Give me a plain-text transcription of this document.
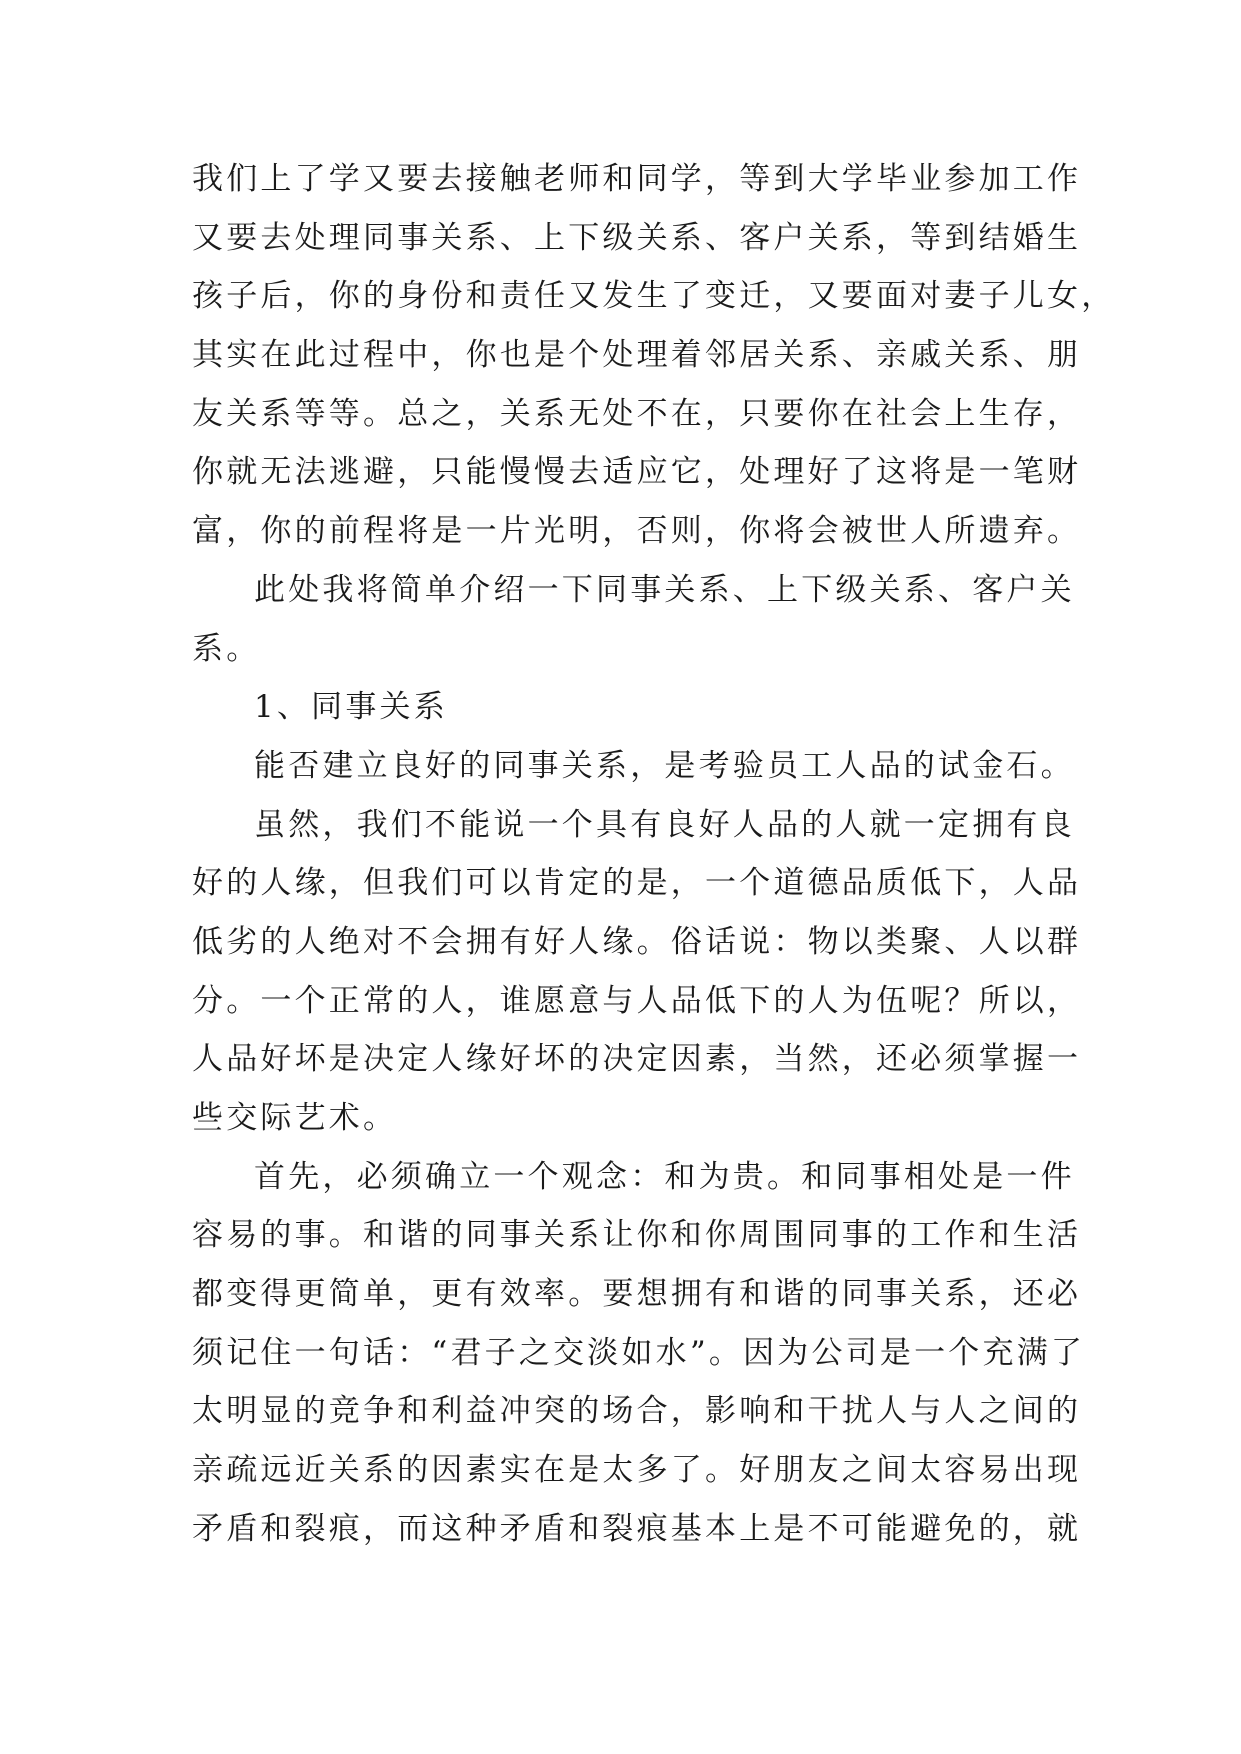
我们上了学又要去接触老师和同学，等到大学毕业参加工作
又要去处理同事关系、上下级关系、客户关系，等到结婚生
孩子后，你的身份和责任又发生了变迁，又要面对妻子儿女，
其实在此过程中，你也是个处理着邻居关系、亲戚关系、朋
友关系等等。总之，关系无处不在，只要你在社会上生存，
你就无法逃避，只能慢慢去适应它，处理好了这将是一笔财
富，你的前程将是一片光明，否则，你将会被世人所遗弃。
此处我将简单介绍一下同事关系、上下级关系、客户关
系。
1、同事关系
能否建立良好的同事关系，是考验员工人品的试金石。
虽然，我们不能说一个具有良好人品的人就一定拥有良
好的人缘，但我们可以肯定的是，一个道德品质低下，人品
低劣的人绝对不会拥有好人缘。俗话说：物以类聚、人以群
分。一个正常的人，谁愿意与人品低下的人为伍呢？所以，
人品好坏是决定人缘好坏的决定因素，当然，还必须掌握一
些交际艺术。
首先，必须确立一个观念：和为贵。和同事相处是一件
容易的事。和谐的同事关系让你和你周围同事的工作和生活
都变得更简单，更有效率。要想拥有和谐的同事关系，还必
须记住一句话：“君子之交淡如水”。因为公司是一个充满了
太明显的竞争和利益冲突的场合，影响和干扰人与人之间的
亲疏远近关系的因素实在是太多了。好朋友之间太容易出现
矛盾和裂痕，而这种矛盾和裂痕基本上是不可能避免的，就
